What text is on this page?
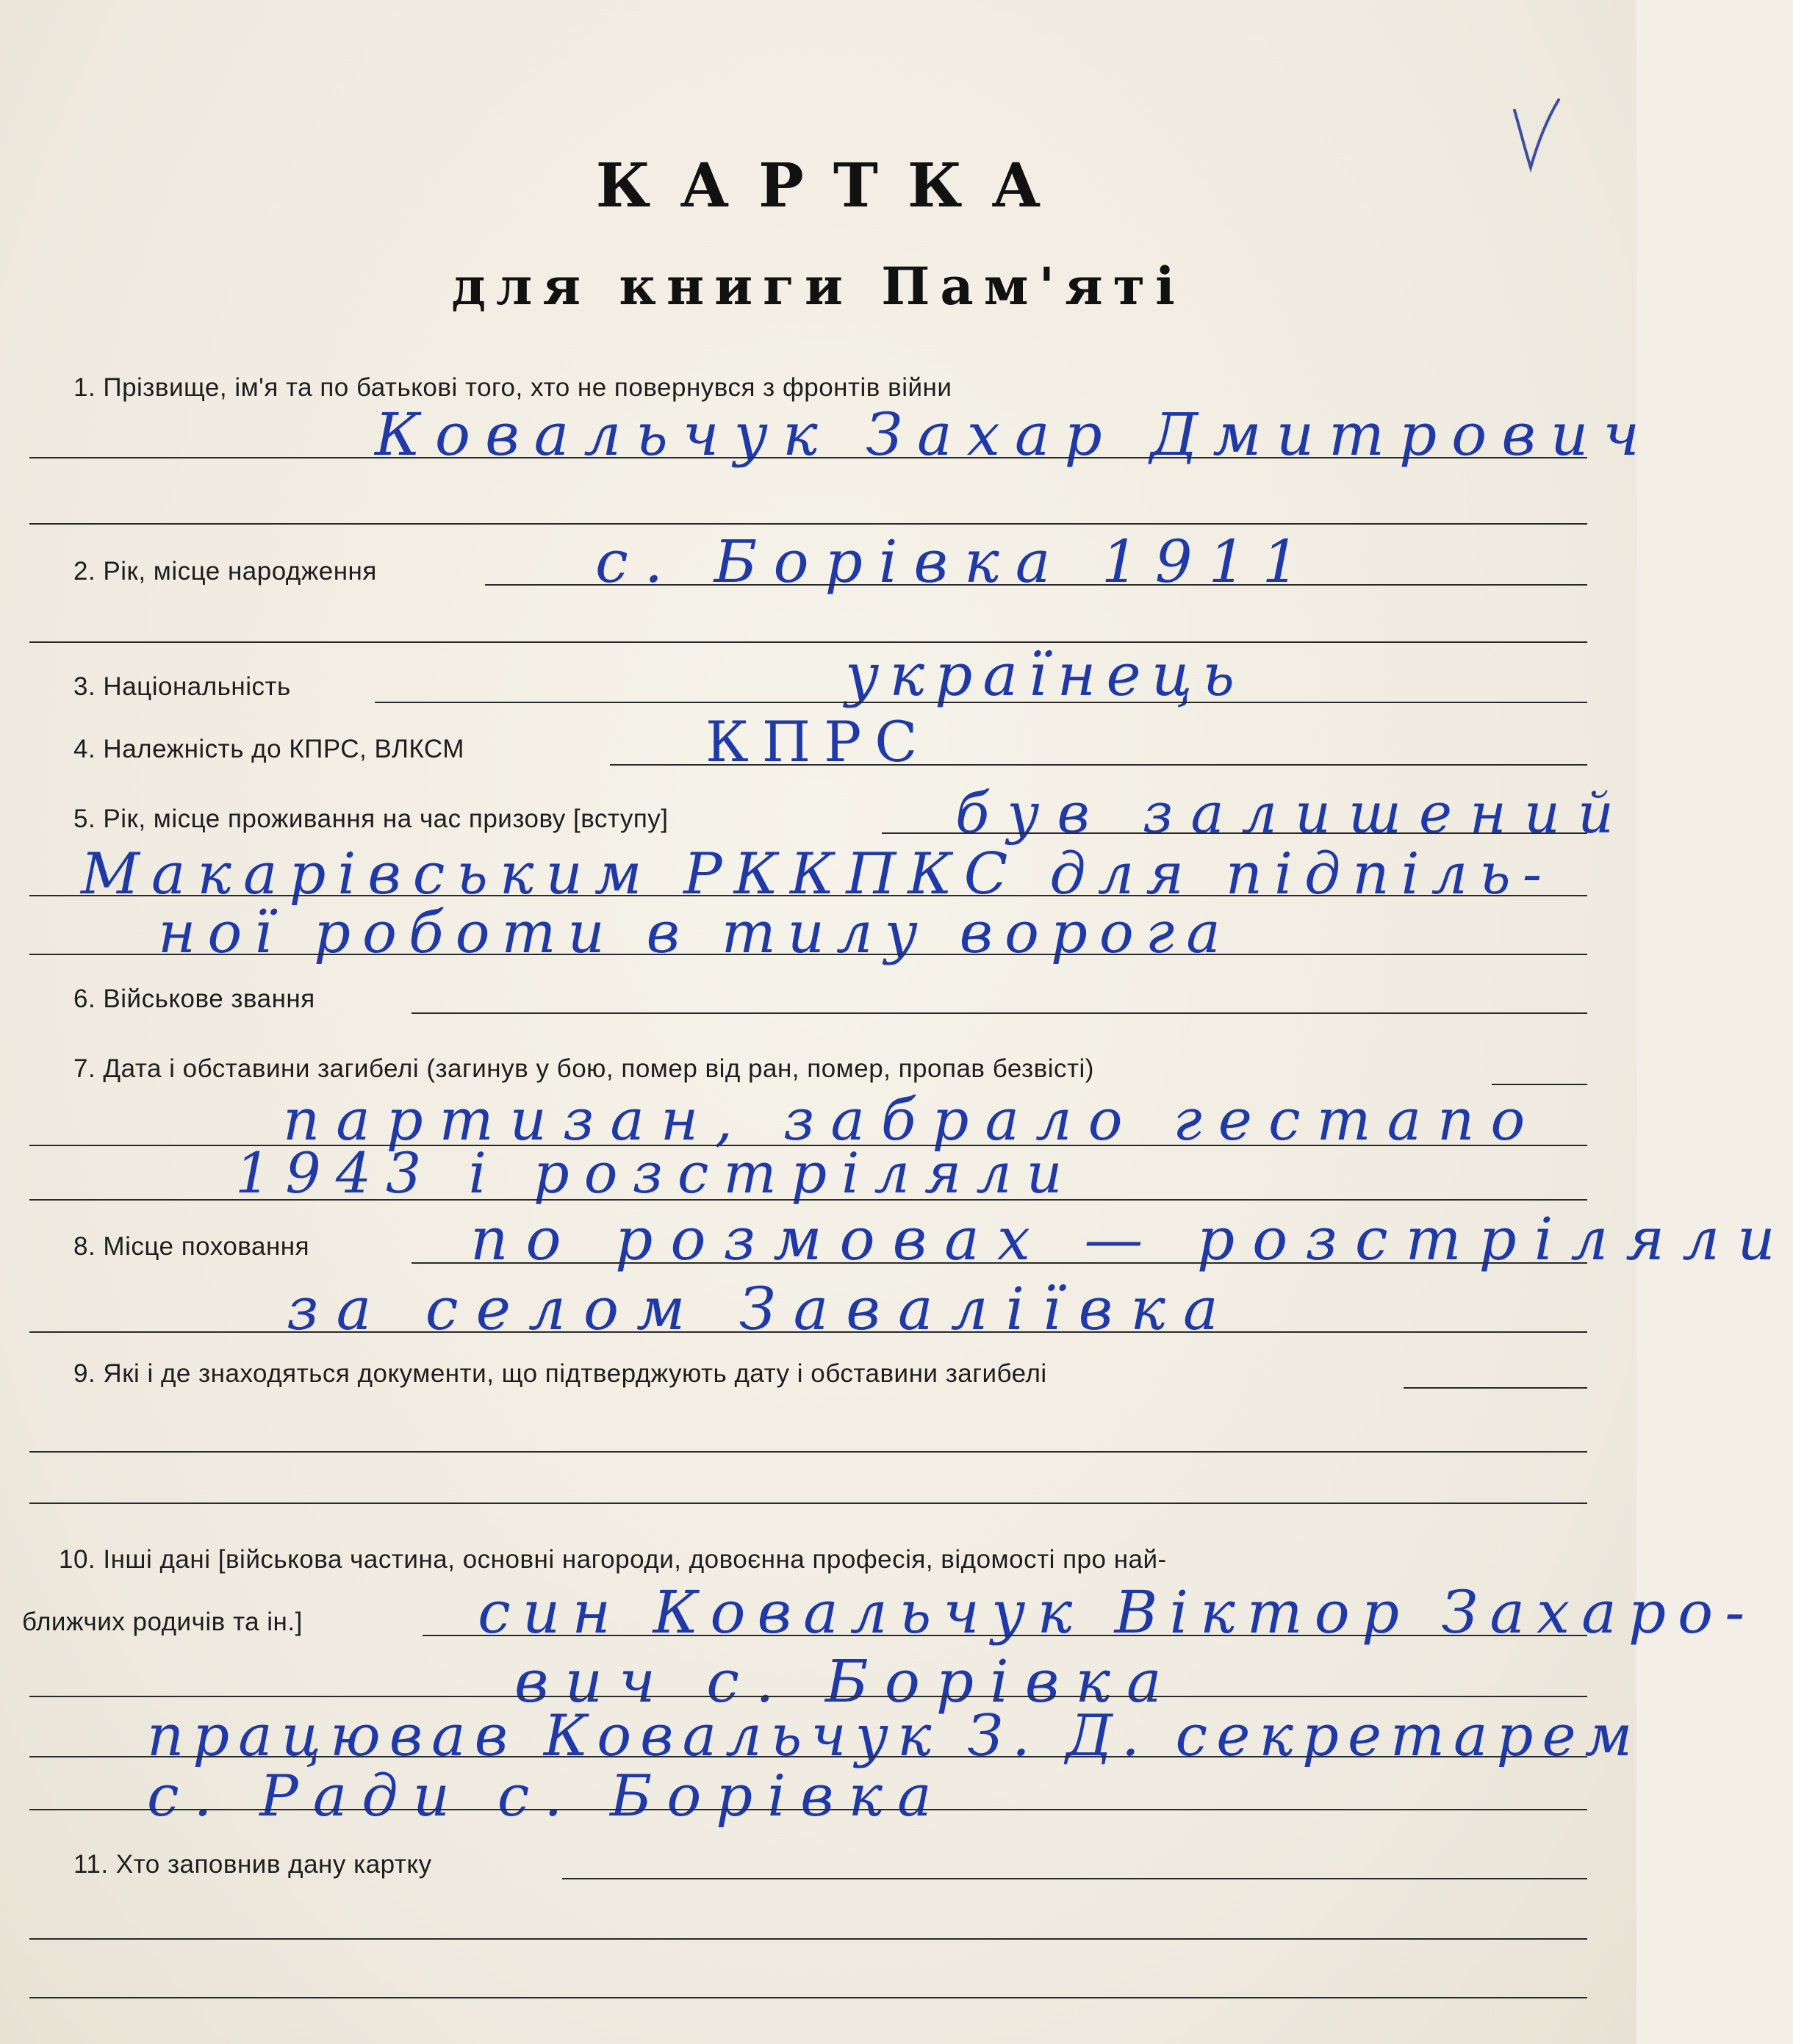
КАРТКА
для книги Пам'яті
1. Прізвище, ім'я та по батькові того, хто не повернувся з фронтів війни
Ковальчук Захар Дмитрович
2. Рік, місце народження	с. Борівка 1911
3. Національність	українець
4. Належність до КПРС, ВЛКСМ	КПРС
5. Рік, місце проживання на час призову [вступу]	був залишений
Макарівським РККПКС для підпіль-
ної роботи в тилу ворога
6. Військове звання
7. Дата і обставини загибелі (загинув у бою, помер від ран, помер, пропав безвісті)
партизан, забрало гестапо
1943 і розстріляли
8. Місце поховання	по розмовах — розстріляли
за селом Заваліївка
9. Які і де знаходяться документи, що підтверджують дату і обставини загибелі
10. Інші дані [військова частина, основні нагороди, довоєнна професія, відомості про най-
ближчих родичів та ін.]	син Ковальчук Віктор Захаро-
вич с. Борівка
працював Ковальчук З. Д. секретарем
с. Ради с. Борівка
11. Хто заповнив дану картку
